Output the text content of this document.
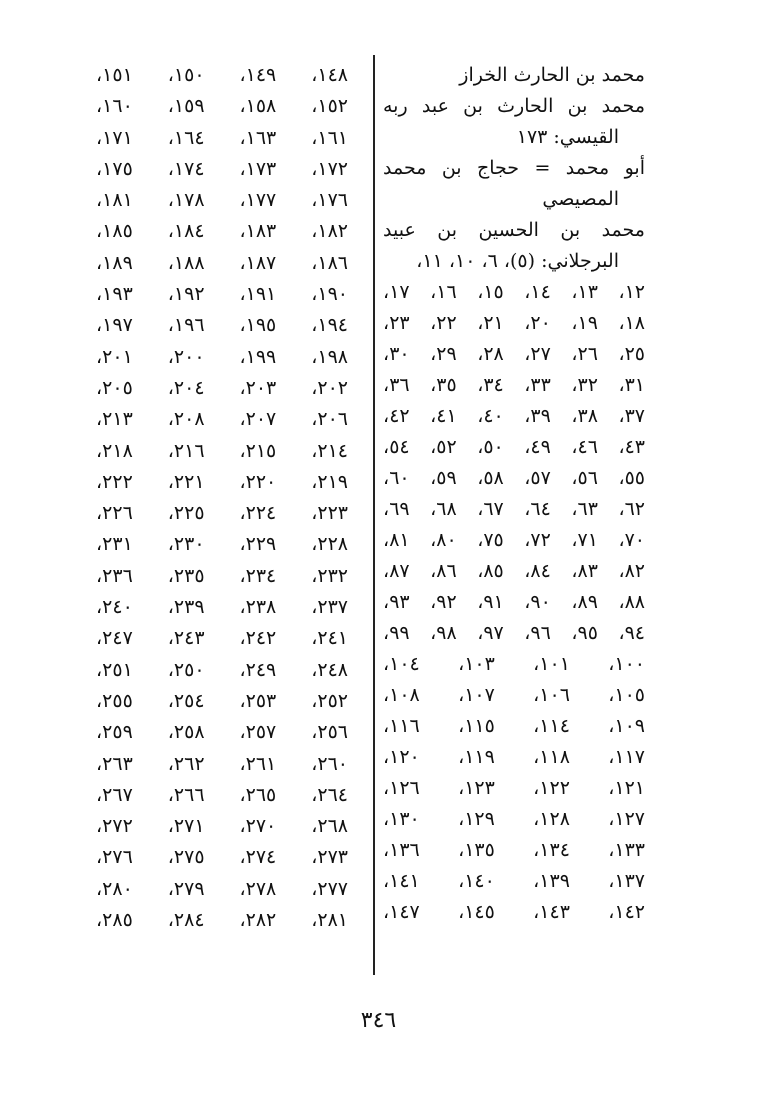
محمد بن الحارث الخراز
محمد بن الحارث بن عبد ربه
القيسي: ١٧٣
أبو محمد = حجاج بن محمد
المصيصي
محمد بن الحسين بن عبيد
البرجلاني: (٥)، ٦، ١٠، ١١،
١٢،
١٣،
١٤،
١٥،
١٦،
١٧،
١٨،
١٩،
٢٠،
٢١،
٢٢،
٢٣،
٢٥،
٢٦،
٢٧،
٢٨،
٢٩،
٣٠،
٣١،
٣٢،
٣٣،
٣٤،
٣٥،
٣٦،
٣٧،
٣٨،
٣٩،
٤٠،
٤١،
٤٢،
٤٣،
٤٦،
٤٩،
٥٠،
٥٢،
٥٤،
٥٥،
٥٦،
٥٧،
٥٨،
٥٩،
٦٠،
٦٢،
٦٣،
٦٤،
٦٧،
٦٨،
٦٩،
٧٠،
٧١،
٧٢،
٧٥،
٨٠،
٨١،
٨٢،
٨٣،
٨٤،
٨٥،
٨٦،
٨٧،
٨٨،
٨٩،
٩٠،
٩١،
٩٢،
٩٣،
٩٤،
٩٥،
٩٦،
٩٧،
٩٨،
٩٩،
١٠٠،
١٠١،
١٠٣،
١٠٤،
١٠٥،
١٠٦،
١٠٧،
١٠٨،
١٠٩،
١١٤،
١١٥،
١١٦،
١١٧،
١١٨،
١١٩،
١٢٠،
١٢١،
١٢٢،
١٢٣،
١٢٦،
١٢٧،
١٢٨،
١٢٩،
١٣٠،
١٣٣،
١٣٤،
١٣٥،
١٣٦،
١٣٧،
١٣٩،
١٤٠،
١٤١،
١٤٢،
١٤٣،
١٤٥،
١٤٧،
١٤٨،
١٤٩،
١٥٠،
١٥١،
١٥٢،
١٥٨،
١٥٩،
١٦٠،
١٦١،
١٦٣،
١٦٤،
١٧١،
١٧٢،
١٧٣،
١٧٤،
١٧٥،
١٧٦،
١٧٧،
١٧٨،
١٨١،
١٨٢،
١٨٣،
١٨٤،
١٨٥،
١٨٦،
١٨٧،
١٨٨،
١٨٩،
١٩٠،
١٩١،
١٩٢،
١٩٣،
١٩٤،
١٩٥،
١٩٦،
١٩٧،
١٩٨،
١٩٩،
٢٠٠،
٢٠١،
٢٠٢،
٢٠٣،
٢٠٤،
٢٠٥،
٢٠٦،
٢٠٧،
٢٠٨،
٢١٣،
٢١٤،
٢١٥،
٢١٦،
٢١٨،
٢١٩،
٢٢٠،
٢٢١،
٢٢٢،
٢٢٣،
٢٢٤،
٢٢٥،
٢٢٦،
٢٢٨،
٢٢٩،
٢٣٠،
٢٣١،
٢٣٢،
٢٣٤،
٢٣٥،
٢٣٦،
٢٣٧،
٢٣٨،
٢٣٩،
٢٤٠،
٢٤١،
٢٤٢،
٢٤٣،
٢٤٧،
٢٤٨،
٢٤٩،
٢٥٠،
٢٥١،
٢٥٢،
٢٥٣،
٢٥٤،
٢٥٥،
٢٥٦،
٢٥٧،
٢٥٨،
٢٥٩،
٢٦٠،
٢٦١،
٢٦٢،
٢٦٣،
٢٦٤،
٢٦٥،
٢٦٦،
٢٦٧،
٢٦٨،
٢٧٠،
٢٧١،
٢٧٢،
٢٧٣،
٢٧٤،
٢٧٥،
٢٧٦،
٢٧٧،
٢٧٨،
٢٧٩،
٢٨٠،
٢٨١،
٢٨٢،
٢٨٤،
٢٨٥،
٣٤٦
